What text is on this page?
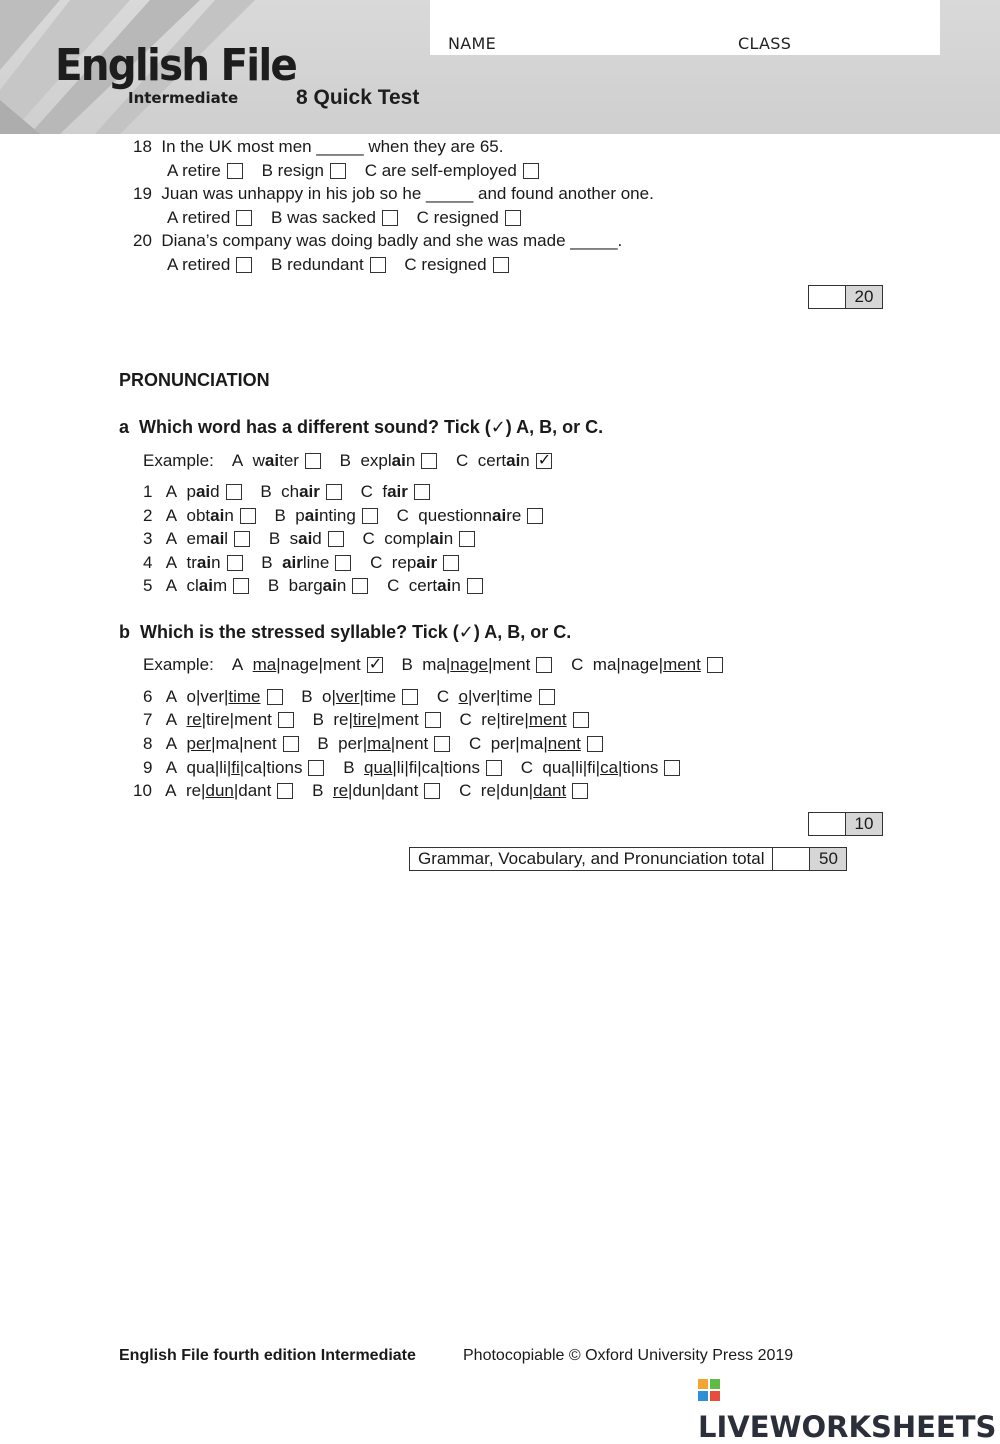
NAME	CLASS
English File
Intermediate	8 Quick Test
18 In the UK most men _____ when they are 65.
A retire B resign C are self-employed
19 Juan was unhappy in his job so he _____ and found another one.
A retired B was sacked C resigned
20 Diana’s company was doing badly and she was made _____.
A retired B redundant C resigned
20
PRONUNCIATION
a Which word has a different sound? Tick (✓) A, B, or C.
Example: A  waiter B  explain C  certain✓
1 A  paid B  chair C  fair
2 A  obtain B  painting C  questionnaire
3 A  email B  said C  complain
4 A  train B  airline C  repair
5 A  claim B  bargain C  certain
b Which is the stressed syllable? Tick (✓) A, B, or C.
Example: A  ma|nage|ment✓ B  ma|nage|ment C  ma|nage|ment
6 A  o|ver|time B  o|ver|time C  o|ver|time
7 A  re|tire|ment B  re|tire|ment C  re|tire|ment
8 A  per|ma|nent B  per|ma|nent C  per|ma|nent
9 A  qua|li|fi|ca|tions B  qua|li|fi|ca|tions C  qua|li|fi|ca|tions
10 A  re|dun|dant B  re|dun|dant C  re|dun|dant
10
Grammar, Vocabulary, and Pronunciation total	50
English File fourth edition Intermediate	Photocopiable © Oxford University Press 2019
LIVEWORKSHEETS
